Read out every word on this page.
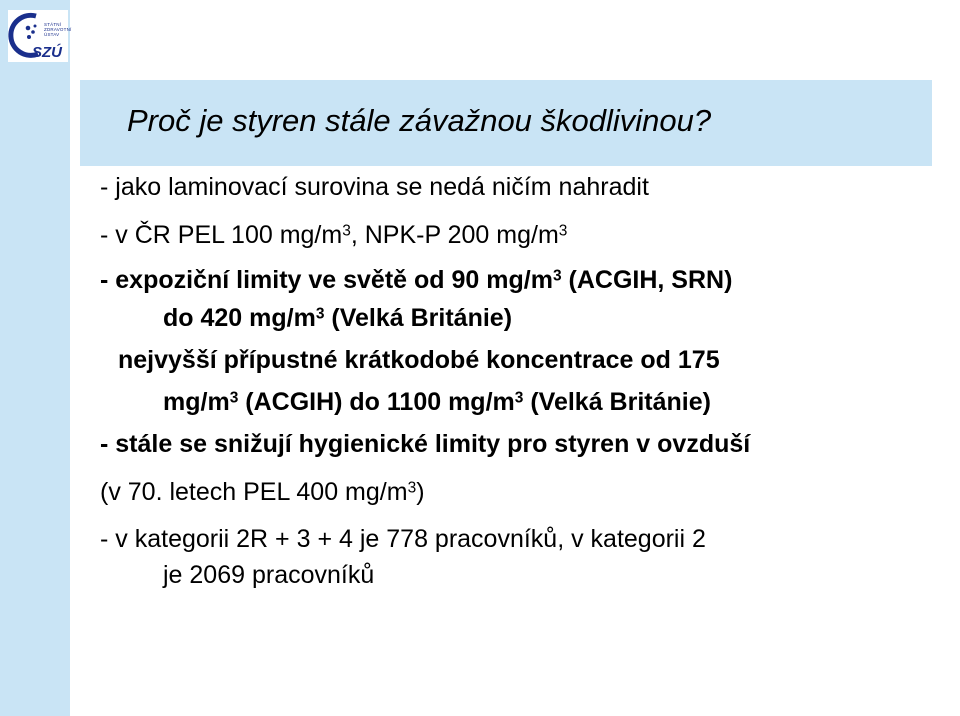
STÁTNÍ
ZDRAVOTNÍ
ÚSTAV
SZÚ
Proč je styren stále závažnou škodlivinou?
- jako laminovací surovina se nedá ničím nahradit
- v ČR PEL 100 $mg/m^3$, NPK-P 200 $mg/m^3$
- expoziční limity ve světě od 90 $mg/m^3$ (ACGIH, SRN)
do 420 $mg/m^3$ (Velká Británie)
nejvyšší přípustné krátkodobé koncentrace od 175
$mg/m^3$ (ACGIH) do 1100 $mg/m^3$ (Velká Británie)
- stále se snižují hygienické limity pro styren v ovzduší
(v 70. letech PEL 400 $mg/m^3$)
- v kategorii 2R + 3 + 4 je 778 pracovníků, v kategorii 2
je 2069 pracovníků
